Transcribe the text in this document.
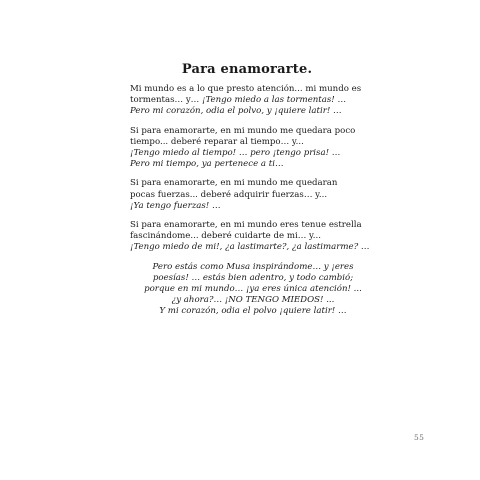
Para enamorarte.
Mi mundo es a lo que presto atención... mi mundo es
tormentas… y… ¡Tengo miedo a las tormentas! …
Pero mi corazón, odia el polvo, y ¡quiere latir! …
Si para enamorarte, en mi mundo me quedara poco
tiempo... deberé reparar al tiempo… y...
¡Tengo miedo al tiempo! … pero ¡tengo prisa! …
Pero mi tiempo, ya pertenece a ti…
Si para enamorarte, en mi mundo me quedaran
pocas fuerzas... deberé adquirir fuerzas… y...
¡Ya tengo fuerzas! …
Si para enamorarte, en mi mundo eres tenue estrella
fascinándome... deberé cuidarte de mi… y...
¡Tengo miedo de mi!, ¿a lastimarte?, ¿a lastimarme? …
Pero estás como Musa inspirándome… y ¡eres
poesías! … estás bien adentro, y todo cambió;
porque en mi mundo… ¡ya eres única atención! ...
¿y ahora?… ¡NO TENGO MIEDOS! ...
Y mi corazón, odia el polvo ¡quiere latir! …
55
